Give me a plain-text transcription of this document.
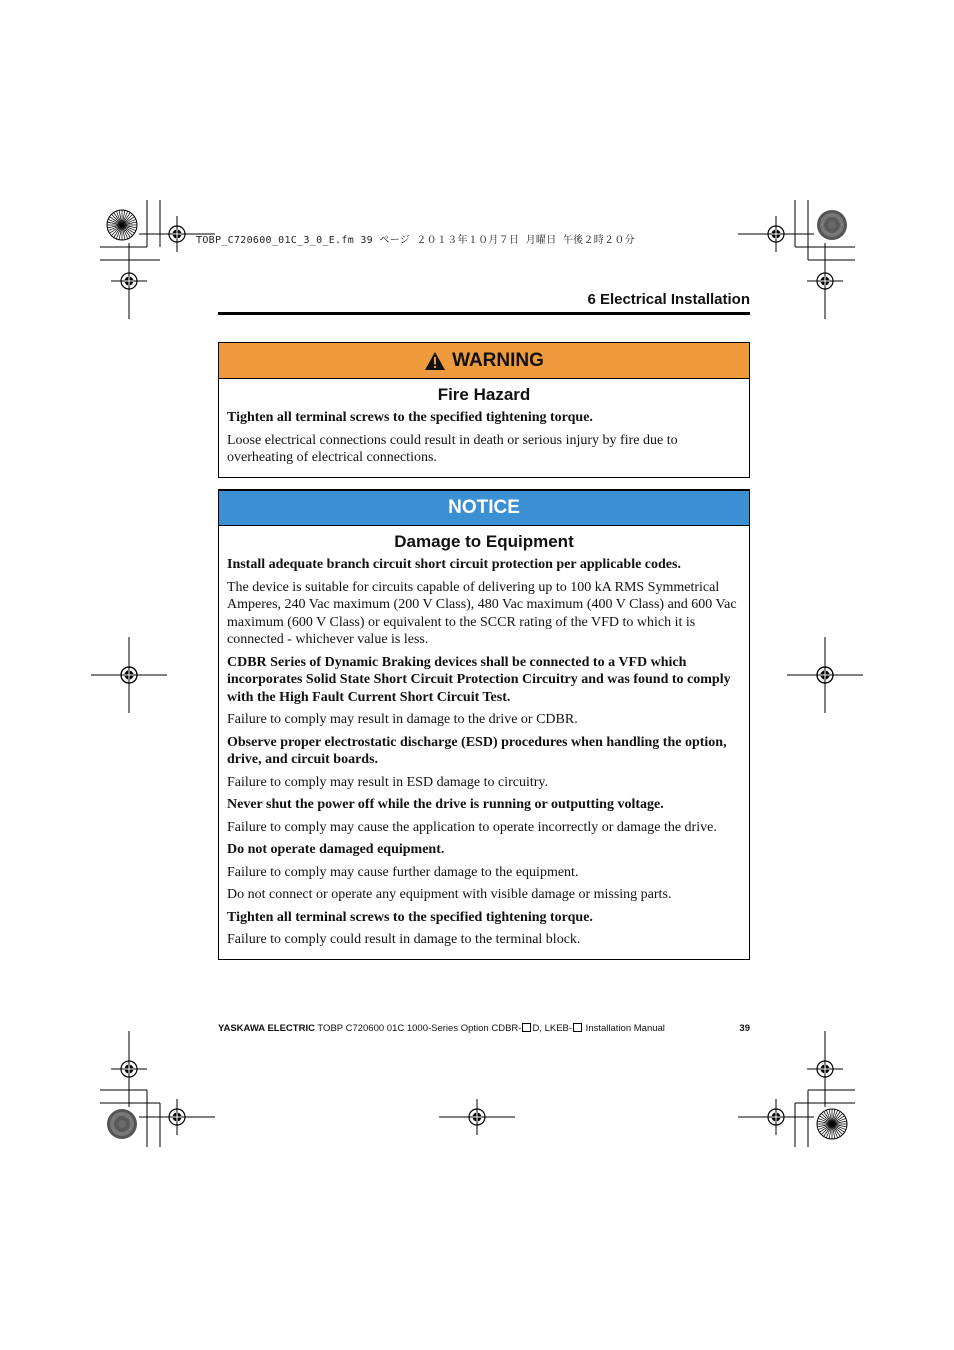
TOBP_C720600_01C_3_0_E.fm 39 ページ ２０１３年１０月７日 月曜日 午後２時２０分
6 Electrical Installation
WARNING
Fire Hazard

Tighten all terminal screws to the specified tightening torque.

Loose electrical connections could result in death or serious injury by fire due to overheating of electrical connections.

NOTICE
Damage to Equipment

Install adequate branch circuit short circuit protection per applicable codes.

The device is suitable for circuits capable of delivering up to 100 kA RMS Symmetrical Amperes, 240 Vac maximum (200 V Class), 480 Vac maximum (400 V Class) and 600 Vac maximum (600 V Class) or equivalent to the SCCR rating of the VFD to which it is connected - whichever value is less.

CDBR Series of Dynamic Braking devices shall be connected to a VFD which incorporates Solid State Short Circuit Protection Circuitry and was found to comply with the High Fault Current Short Circuit Test.

Failure to comply may result in damage to the drive or CDBR.

Observe proper electrostatic discharge (ESD) procedures when handling the option, drive, and circuit boards.

Failure to comply may result in ESD damage to circuitry.

Never shut the power off while the drive is running or outputting voltage.

Failure to comply may cause the application to operate incorrectly or damage the drive.

Do not operate damaged equipment.

Failure to comply may cause further damage to the equipment.

Do not connect or operate any equipment with visible damage or missing parts.

Tighten all terminal screws to the specified tightening torque.

Failure to comply could result in damage to the terminal block.

YASKAWA ELECTRIC TOBP C720600 01C 1000-Series Option CDBR- D, LKEB- Installation Manual	39
